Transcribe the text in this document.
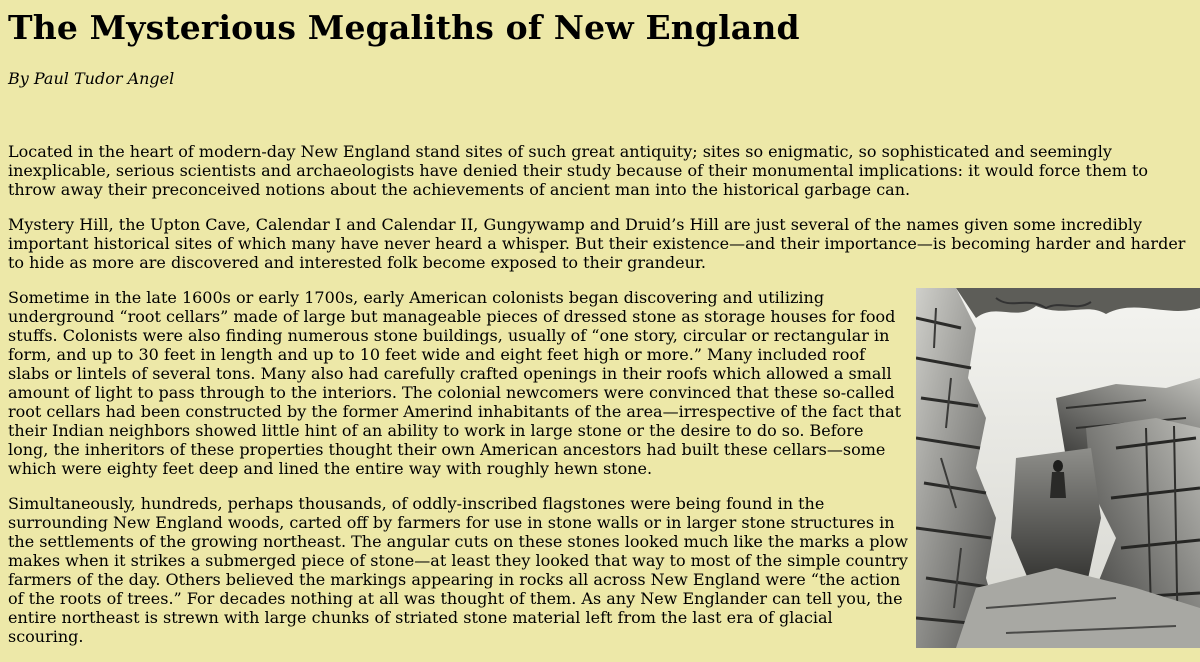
The Mysterious Megaliths of New England

By Paul Tudor Angel

Located in the heart of modern-day New England stand sites of such great antiquity; sites so enigmatic, so sophisticated and seemingly inexplicable, serious scientists and archaeologists have denied their study because of their monumental implications: it would force them to throw away their preconceived notions about the achievements of ancient man into the historical garbage can.

Mystery Hill, the Upton Cave, Calendar I and Calendar II, Gungywamp and Druid’s Hill are just several of the names given some incredibly important historical sites of which many have never heard a whisper. But their existence—and their importance—is becoming harder and harder to hide as more are discovered and interested folk become exposed to their grandeur.

Sometime in the late 1600s or early 1700s, early American colonists began discovering and utilizing underground “root cellars” made of large but manageable pieces of dressed stone as storage houses for food stuffs. Colonists were also finding numerous stone buildings, usually of “one story, circular or rectangular in form, and up to 30 feet in length and up to 10 feet wide and eight feet high or more.” Many included roof slabs or lintels of several tons. Many also had carefully crafted openings in their roofs which allowed a small amount of light to pass through to the interiors. The colonial newcomers were convinced that these so-called root cellars had been constructed by the former Amerind inhabitants of the area—irrespective of the fact that their Indian neighbors showed little hint of an ability to work in large stone or the desire to do so. Before long, the inheritors of these properties thought their own American ancestors had built these cellars—some which were eighty feet deep and lined the entire way with roughly hewn stone.

Simultaneously, hundreds, perhaps thousands, of oddly-inscribed flagstones were being found in the surrounding New England woods, carted off by farmers for use in stone walls or in larger stone structures in the settlements of the growing northeast. The angular cuts on these stones looked much like the marks a plow makes when it strikes a submerged piece of stone—at least they looked that way to most of the simple country farmers of the day. Others believed the markings appearing in rocks all across New England were “the action of the roots of trees.” For decades nothing at all was thought of them. As any New Englander can tell you, the entire northeast is strewn with large chunks of striated stone material left from the last era of glacial scouring.
